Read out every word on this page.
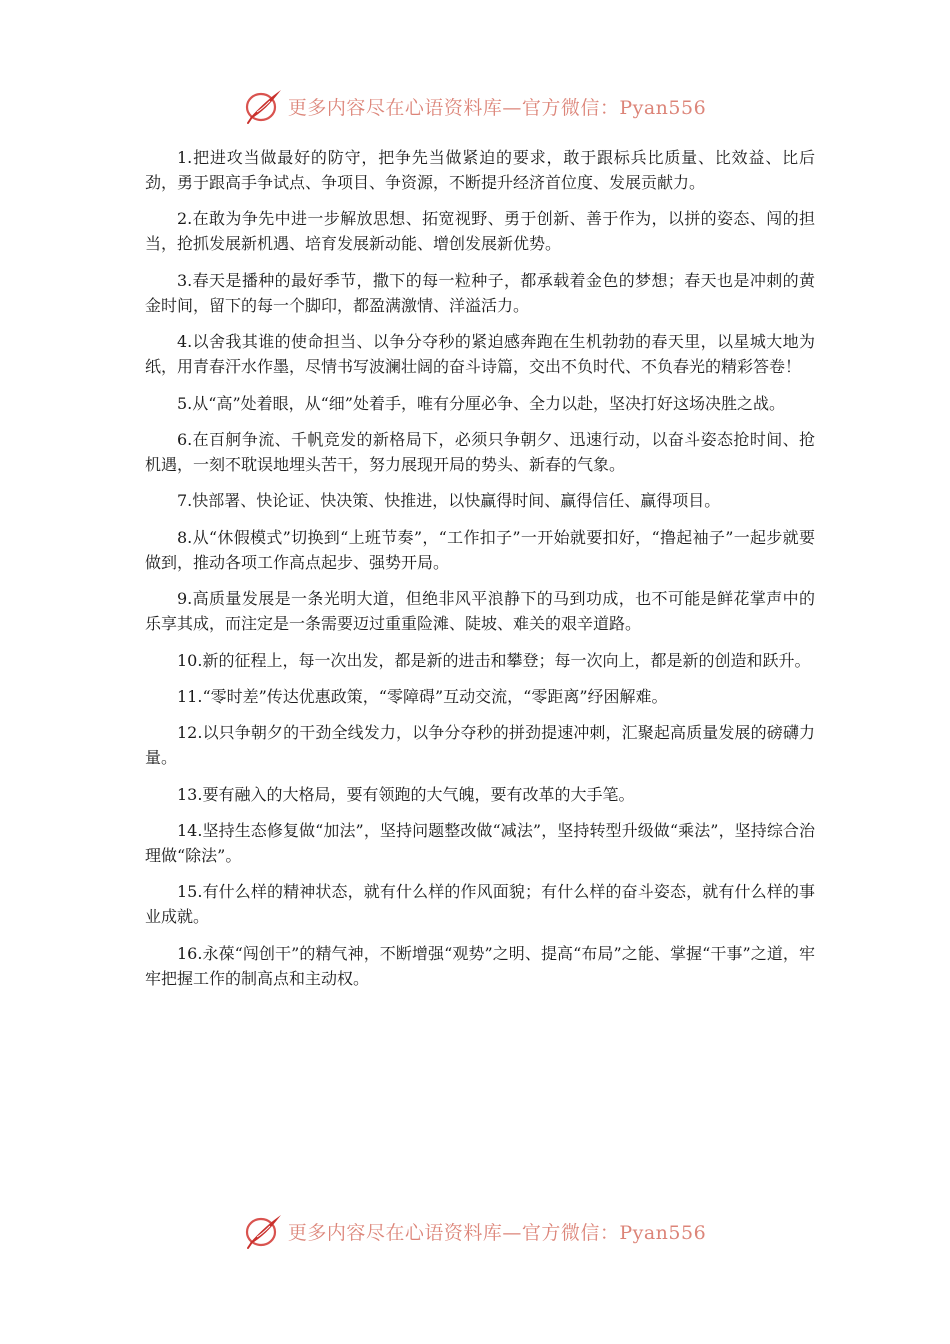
更多内容尽在心语资料库—官方微信：Pyan556

1.把进攻当做最好的防守，把争先当做紧迫的要求，敢于跟标兵比质量、比效益、比后劲，勇于跟高手争试点、争项目、争资源，不断提升经济首位度、发展贡献力。

2.在敢为争先中进一步解放思想、拓宽视野、勇于创新、善于作为，以拼的姿态、闯的担当，抢抓发展新机遇、培育发展新动能、增创发展新优势。

3.春天是播种的最好季节，撒下的每一粒种子，都承载着金色的梦想；春天也是冲刺的黄金时间，留下的每一个脚印，都盈满激情、洋溢活力。

4.以舍我其谁的使命担当、以争分夺秒的紧迫感奔跑在生机勃勃的春天里，以星城大地为纸，用青春汗水作墨，尽情书写波澜壮阔的奋斗诗篇，交出不负时代、不负春光的精彩答卷！

5.从“高”处着眼，从“细”处着手，唯有分厘必争、全力以赴，坚决打好这场决胜之战。

6.在百舸争流、千帆竞发的新格局下，必须只争朝夕、迅速行动，以奋斗姿态抢时间、抢机遇，一刻不耽误地埋头苦干，努力展现开局的势头、新春的气象。

7.快部署、快论证、快决策、快推进，以快赢得时间、赢得信任、赢得项目。

8.从“休假模式”切换到“上班节奏”，“工作扣子”一开始就要扣好，“撸起袖子”一起步就要做到，推动各项工作高点起步、强势开局。

9.高质量发展是一条光明大道，但绝非风平浪静下的马到功成，也不可能是鲜花掌声中的乐享其成，而注定是一条需要迈过重重险滩、陡坡、难关的艰辛道路。

10.新的征程上，每一次出发，都是新的进击和攀登；每一次向上，都是新的创造和跃升。

11.“零时差”传达优惠政策，“零障碍”互动交流，“零距离”纾困解难。

12.以只争朝夕的干劲全线发力，以争分夺秒的拼劲提速冲刺，汇聚起高质量发展的磅礴力量。

13.要有融入的大格局，要有领跑的大气魄，要有改革的大手笔。

14.坚持生态修复做“加法”，坚持问题整改做“减法”，坚持转型升级做“乘法”，坚持综合治理做“除法”。

15.有什么样的精神状态，就有什么样的作风面貌；有什么样的奋斗姿态，就有什么样的事业成就。

16.永葆“闯创干”的精气神，不断增强“观势”之明、提高“布局”之能、掌握“干事”之道，牢牢把握工作的制高点和主动权。

更多内容尽在心语资料库—官方微信：Pyan556
